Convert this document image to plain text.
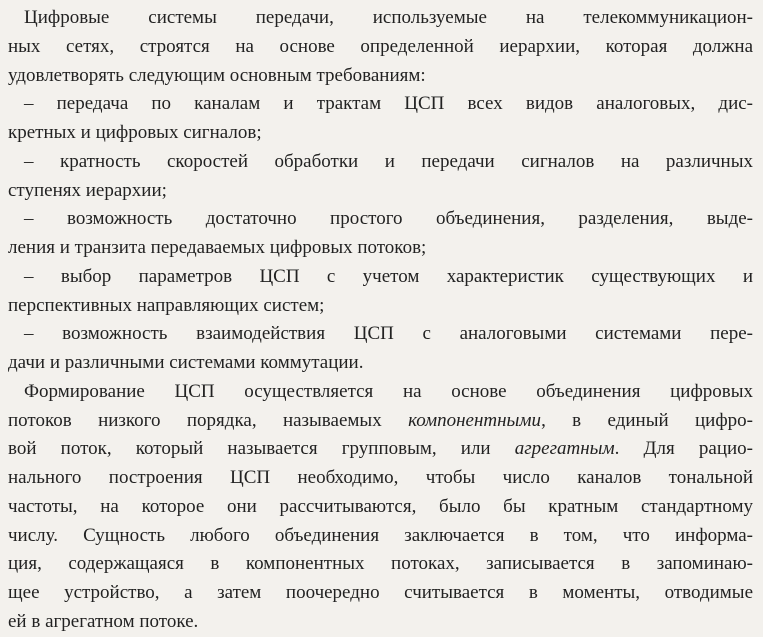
Цифровые системы передачи, используемые на телекоммуникацион-
ных сетях, строятся на основе определенной иерархии, которая должна
удовлетворять следующим основным требованиям:
– передача по каналам и трактам ЦСП всех видов аналоговых, дис-
кретных и цифровых сигналов;
– кратность скоростей обработки и передачи сигналов на различных
ступенях иерархии;
– возможность достаточно простого объединения, разделения, выде-
ления и транзита передаваемых цифровых потоков;
– выбор параметров ЦСП с учетом характеристик существующих и
перспективных направляющих систем;
– возможность взаимодействия ЦСП с аналоговыми системами пере-
дачи и различными системами коммутации.
Формирование ЦСП осуществляется на основе объединения цифровых
потоков низкого порядка, называемых компонентными, в единый цифро-
вой поток, который называется групповым, или агрегатным. Для рацио-
нального построения ЦСП необходимо, чтобы число каналов тональной
частоты, на которое они рассчитываются, было бы кратным стандартному
числу. Сущность любого объединения заключается в том, что информа-
ция, содержащаяся в компонентных потоках, записывается в запоминаю-
щее устройство, а затем поочередно считывается в моменты, отводимые
ей в агрегатном потоке.
